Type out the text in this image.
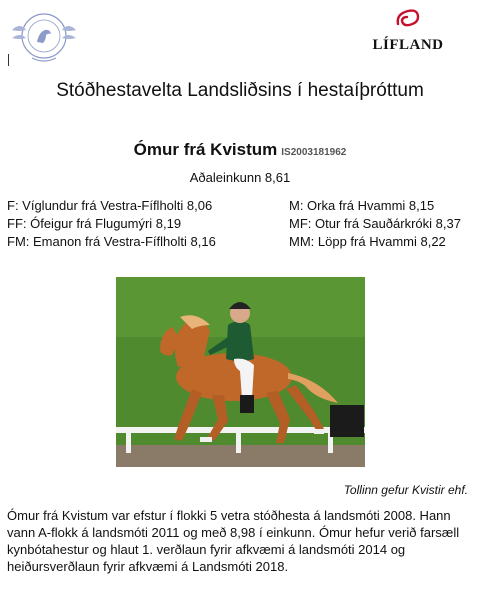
LÍFLAND
Stóðhestavelta Landsliðsins í hestaíþróttum
Ómur frá Kvistum IS2003181962
Aðaleinkunn 8,61
F: Víglundur frá Vestra-Fíflholti 8,06
FF: Ófeigur frá Flugumýri 8,19
FM: Emanon frá Vestra-Fíflholti 8,16
M: Orka frá Hvammi 8,15
MF: Otur frá Sauðárkróki 8,37
MM: Löpp frá Hvammi 8,22
Tollinn gefur Kvistir ehf.
Ómur frá Kvistum var efstur í flokki 5 vetra stóðhesta á landsmóti 2008. Hann vann A-flokk á landsmóti 2011 og með 8,98 í einkunn. Ómur hefur verið farsæll kynbótahestur og hlaut 1. verðlaun fyrir afkvæmi á landsmóti 2014 og heiðursverðlaun fyrir afkvæmi á Landsmóti 2018.
